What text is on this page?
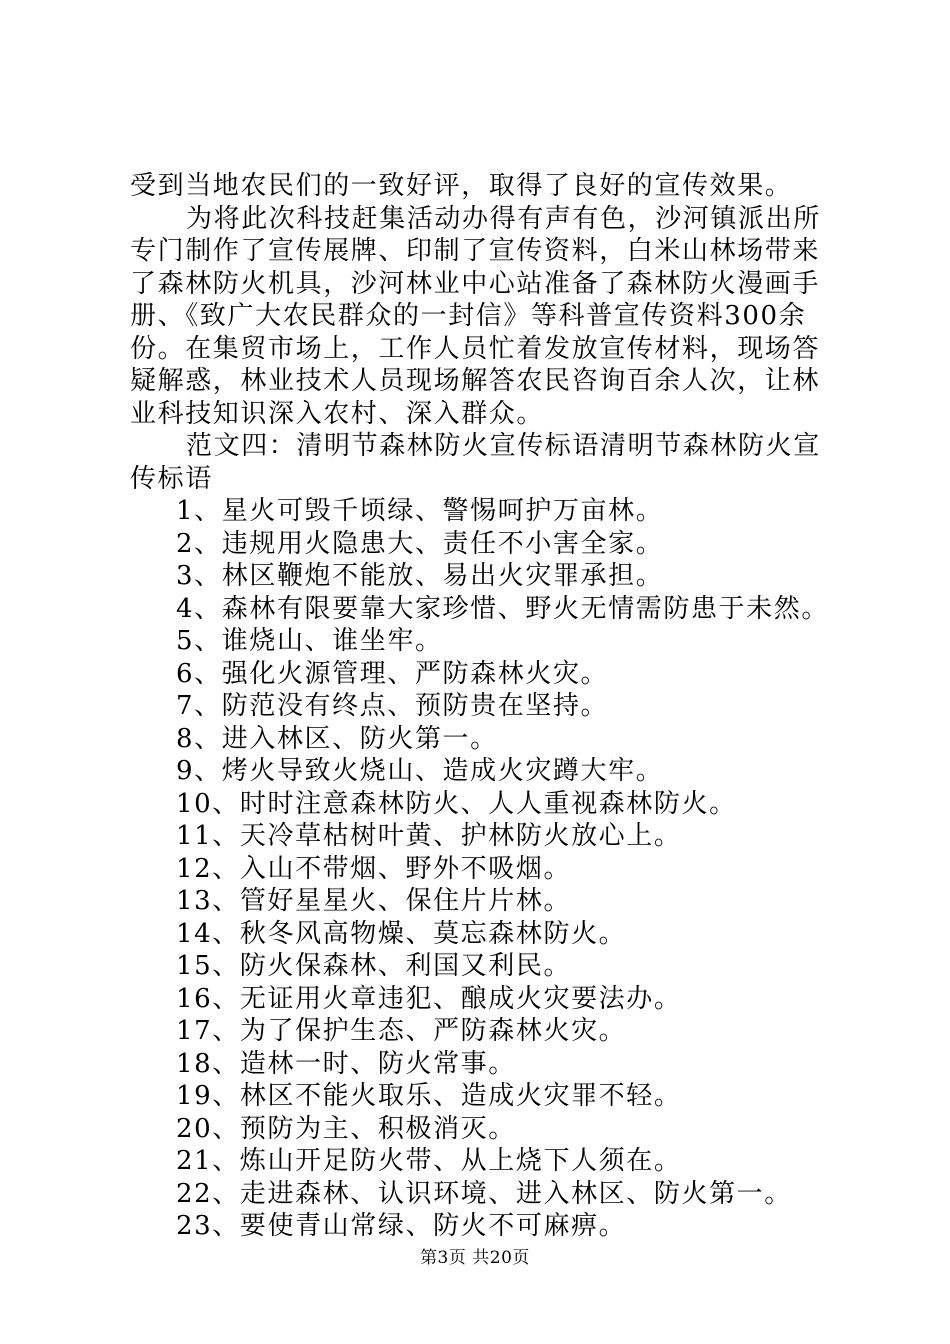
受到当地农民们的一致好评，取得了良好的宣传效果。

为将此次科技赶集活动办得有声有色，沙河镇派出所专门制作了宣传展牌、印制了宣传资料，白米山林场带来了森林防火机具，沙河林业中心站准备了森林防火漫画手册、《致广大农民群众的一封信》等科普宣传资料300余份。在集贸市场上，工作人员忙着发放宣传材料，现场答疑解惑，林业技术人员现场解答农民咨询百余人次，让林业科技知识深入农村、深入群众。

范文四：清明节森林防火宣传标语清明节森林防火宣传标语

1、星火可毁千顷绿、警惕呵护万亩林。
2、违规用火隐患大、责任不小害全家。
3、林区鞭炮不能放、易出火灾罪承担。
4、森林有限要靠大家珍惜、野火无情需防患于未然。
5、谁烧山、谁坐牢。
6、强化火源管理、严防森林火灾。
7、防范没有终点、预防贵在坚持。
8、进入林区、防火第一。
9、烤火导致火烧山、造成火灾蹲大牢。
10、时时注意森林防火、人人重视森林防火。
11、天冷草枯树叶黄、护林防火放心上。
12、入山不带烟、野外不吸烟。
13、管好星星火、保住片片林。
14、秋冬风高物燥、莫忘森林防火。
15、防火保森林、利国又利民。
16、无证用火章违犯、酿成火灾要法办。
17、为了保护生态、严防森林火灾。
18、造林一时、防火常事。
19、林区不能火取乐、造成火灾罪不轻。
20、预防为主、积极消灭。
21、炼山开足防火带、从上烧下人须在。
22、走进森林、认识环境、进入林区、防火第一。
23、要使青山常绿、防火不可麻痹。
第3页 共20页
